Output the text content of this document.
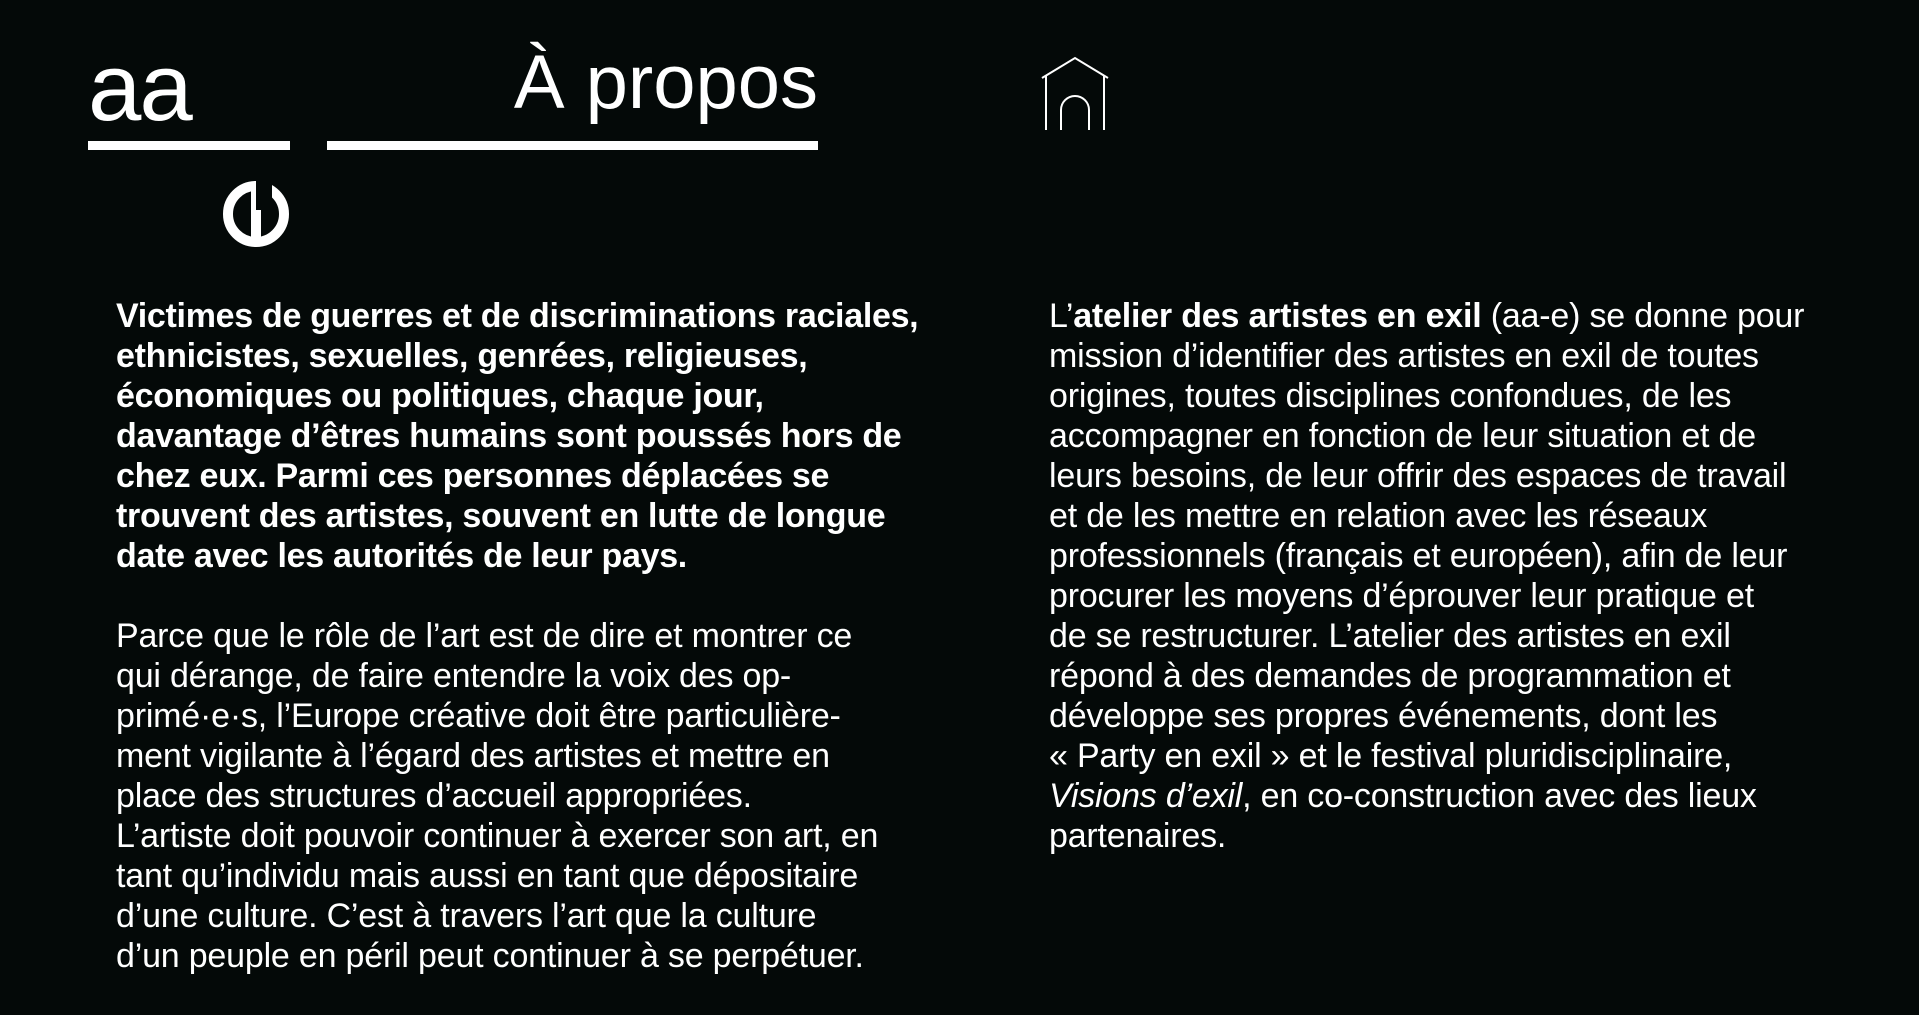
aa	À propos
Victimes de guerres et de discriminations raciales,
ethnicistes, sexuelles, genrées, religieuses,
économiques ou politiques, chaque jour,
davantage d’êtres humains sont poussés hors de
chez eux. Parmi ces personnes déplacées se
trouvent des artistes, souvent en lutte de longue
date avec les autorités de leur pays.
Parce que le rôle de l’art est de dire et montrer ce
qui dérange, de faire entendre la voix des op-
primé·e·s, l’Europe créative doit être particulière-
ment vigilante à l’égard des artistes et mettre en
place des structures d’accueil appropriées.
L’artiste doit pouvoir continuer à exercer son art, en
tant qu’individu mais aussi en tant que dépositaire
d’une culture. C’est à travers l’art que la culture
d’un peuple en péril peut continuer à se perpétuer.
L’atelier des artistes en exil (aa-e) se donne pour
mission d’identifier des artistes en exil de toutes
origines, toutes disciplines confondues, de les
accompagner en fonction de leur situation et de
leurs besoins, de leur offrir des espaces de travail
et de les mettre en relation avec les réseaux
professionnels (français et européen), afin de leur
procurer les moyens d’éprouver leur pratique et
de se restructurer. L’atelier des artistes en exil
répond à des demandes de programmation et
développe ses propres événements, dont les
« Party en exil » et le festival pluridisciplinaire,
Visions d’exil, en co-construction avec des lieux
partenaires.
